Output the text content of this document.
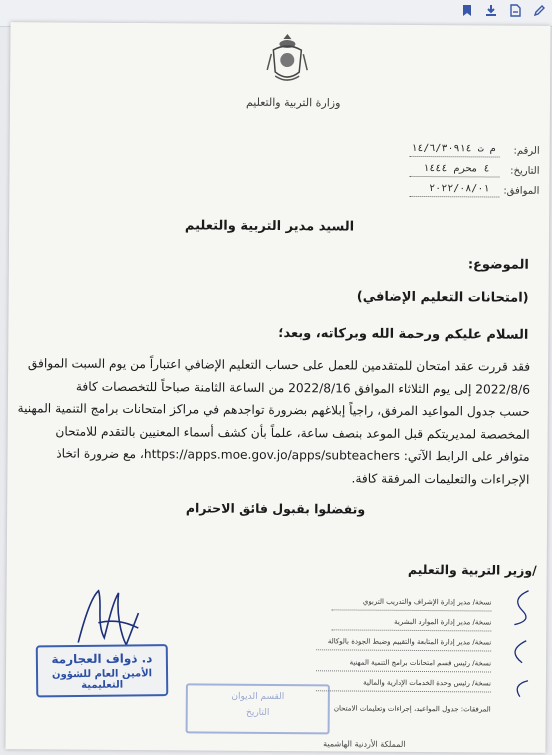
وزارة التربية والتعليم
الرقم:
م ت ١٤/٦/٣٠٩١٤
التاريخ:
٤ محرم ١٤٤٤
الموافق:
٢٠٢٢/٠٨/٠١
السيد مدير التربية والتعليم
الموضوع:
(امتحانات التعليم الإضافي)
السلام عليكم ورحمة الله وبركاته، وبعد؛
فقد قررت عقد امتحان للمتقدمين للعمل على حساب التعليم الإضافي اعتباراً من يوم السبت الموافق
2022/8/6 إلى يوم الثلاثاء الموافق 2022/8/16 من الساعة الثامنة صباحاً للتخصصات كافة
حسب جدول المواعيد المرفق، راجياً إبلاغهم بضرورة تواجدهم في مراكز امتحانات برامج التنمية المهنية
المخصصة لمديريتكم قبل الموعد بنصف ساعة، علماً بأن كشف أسماء المعنيين بالتقدم للامتحان
متوافر على الرابط الآتي: https://apps.moe.gov.jo/apps/subteachers، مع ضرورة اتخاذ
الإجراءات والتعليمات المرفقة كافة.
وتفضلوا بقبول فائق الاحترام
/وزير التربية والتعليم
د. ذواف العجارمة
الأمين العام للشؤون التعليمية
نسخة/ مدير إدارة الإشراف والتدريب التربوي
نسخة/ مدير إدارة الموارد البشرية
نسخة/ مدير إدارة المتابعة والتقييم وضبط الجودة بالوكالة
نسخة/ رئيس قسم امتحانات برامج التنمية المهنية
نسخة/ رئيس وحدة الخدمات الإدارية والمالية
المرفقات: جدول المواعيد، إجراءات وتعليمات الامتحان
القسم الديوان
التاريخ
المملكة الأردنية الهاشمية
